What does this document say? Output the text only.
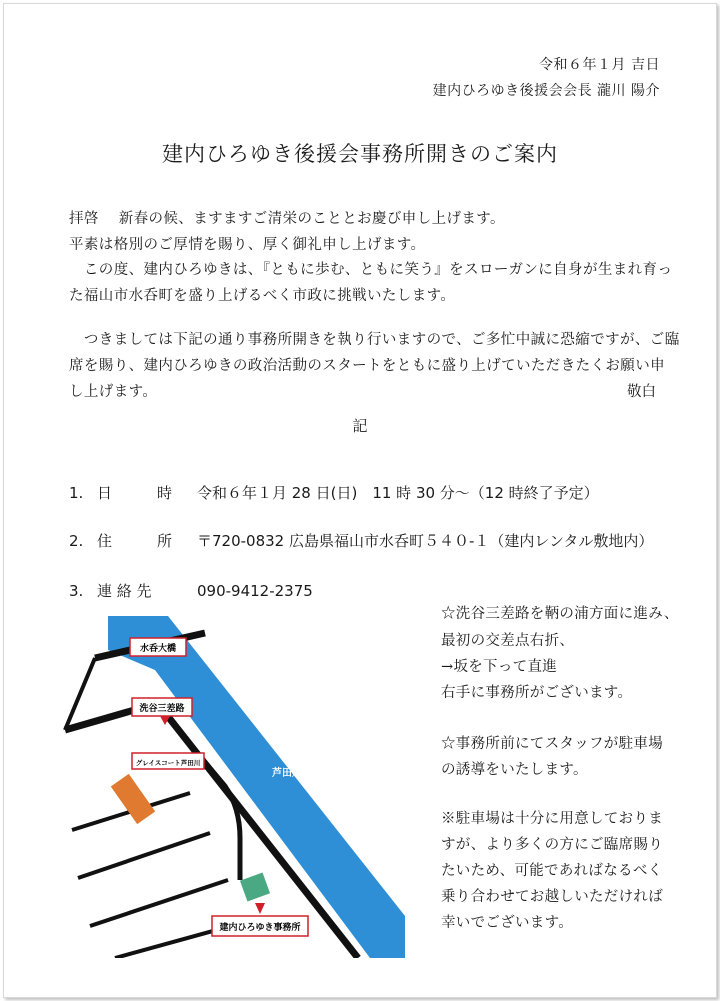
令和６年１月 吉日
建内ひろゆき後援会会長 瀧川 陽介
建内ひろゆき後援会事務所開きのご案内
拝啓　 新春の候、ますますご清栄のこととお慶び申し上げます。
平素は格別のご厚情を賜り、厚く御礼申し上げます。
　この度、建内ひろゆきは、『ともに歩む、ともに笑う』をスローガンに自身が生まれ育っ
た福山市水呑町を盛り上げるべく市政に挑戦いたします。
　つきましては下記の通り事務所開きを執り行いますので、ご多忙中誠に恐縮ですが、ご臨
席を賜り、建内ひろゆきの政治活動のスタートをともに盛り上げていただきたくお願い申
し上げます。	敬白
記
1. 日　　　時 令和６年１月 28 日(日)　11 時 30 分～（12 時終了予定）
2. 住　　　所 〒720-0832 広島県福山市水呑町５４０-１（建内レンタル敷地内）
3. 連 絡 先	090-9412-2375
☆洗谷三差路を鞆の浦方面に進み、
最初の交差点右折、
→坂を下って直進
右手に事務所がございます。
☆事務所前にてスタッフが駐車場
の誘導をいたします。
※駐車場は十分に用意しておりま
すが、より多くの方にご臨席賜り
たいため、可能であればなるべく
乗り合わせてお越しいただければ
幸いでございます。
芦田川
水呑大橋
洗谷三差路
グレイスコート芦田川
建内ひろゆき事務所
